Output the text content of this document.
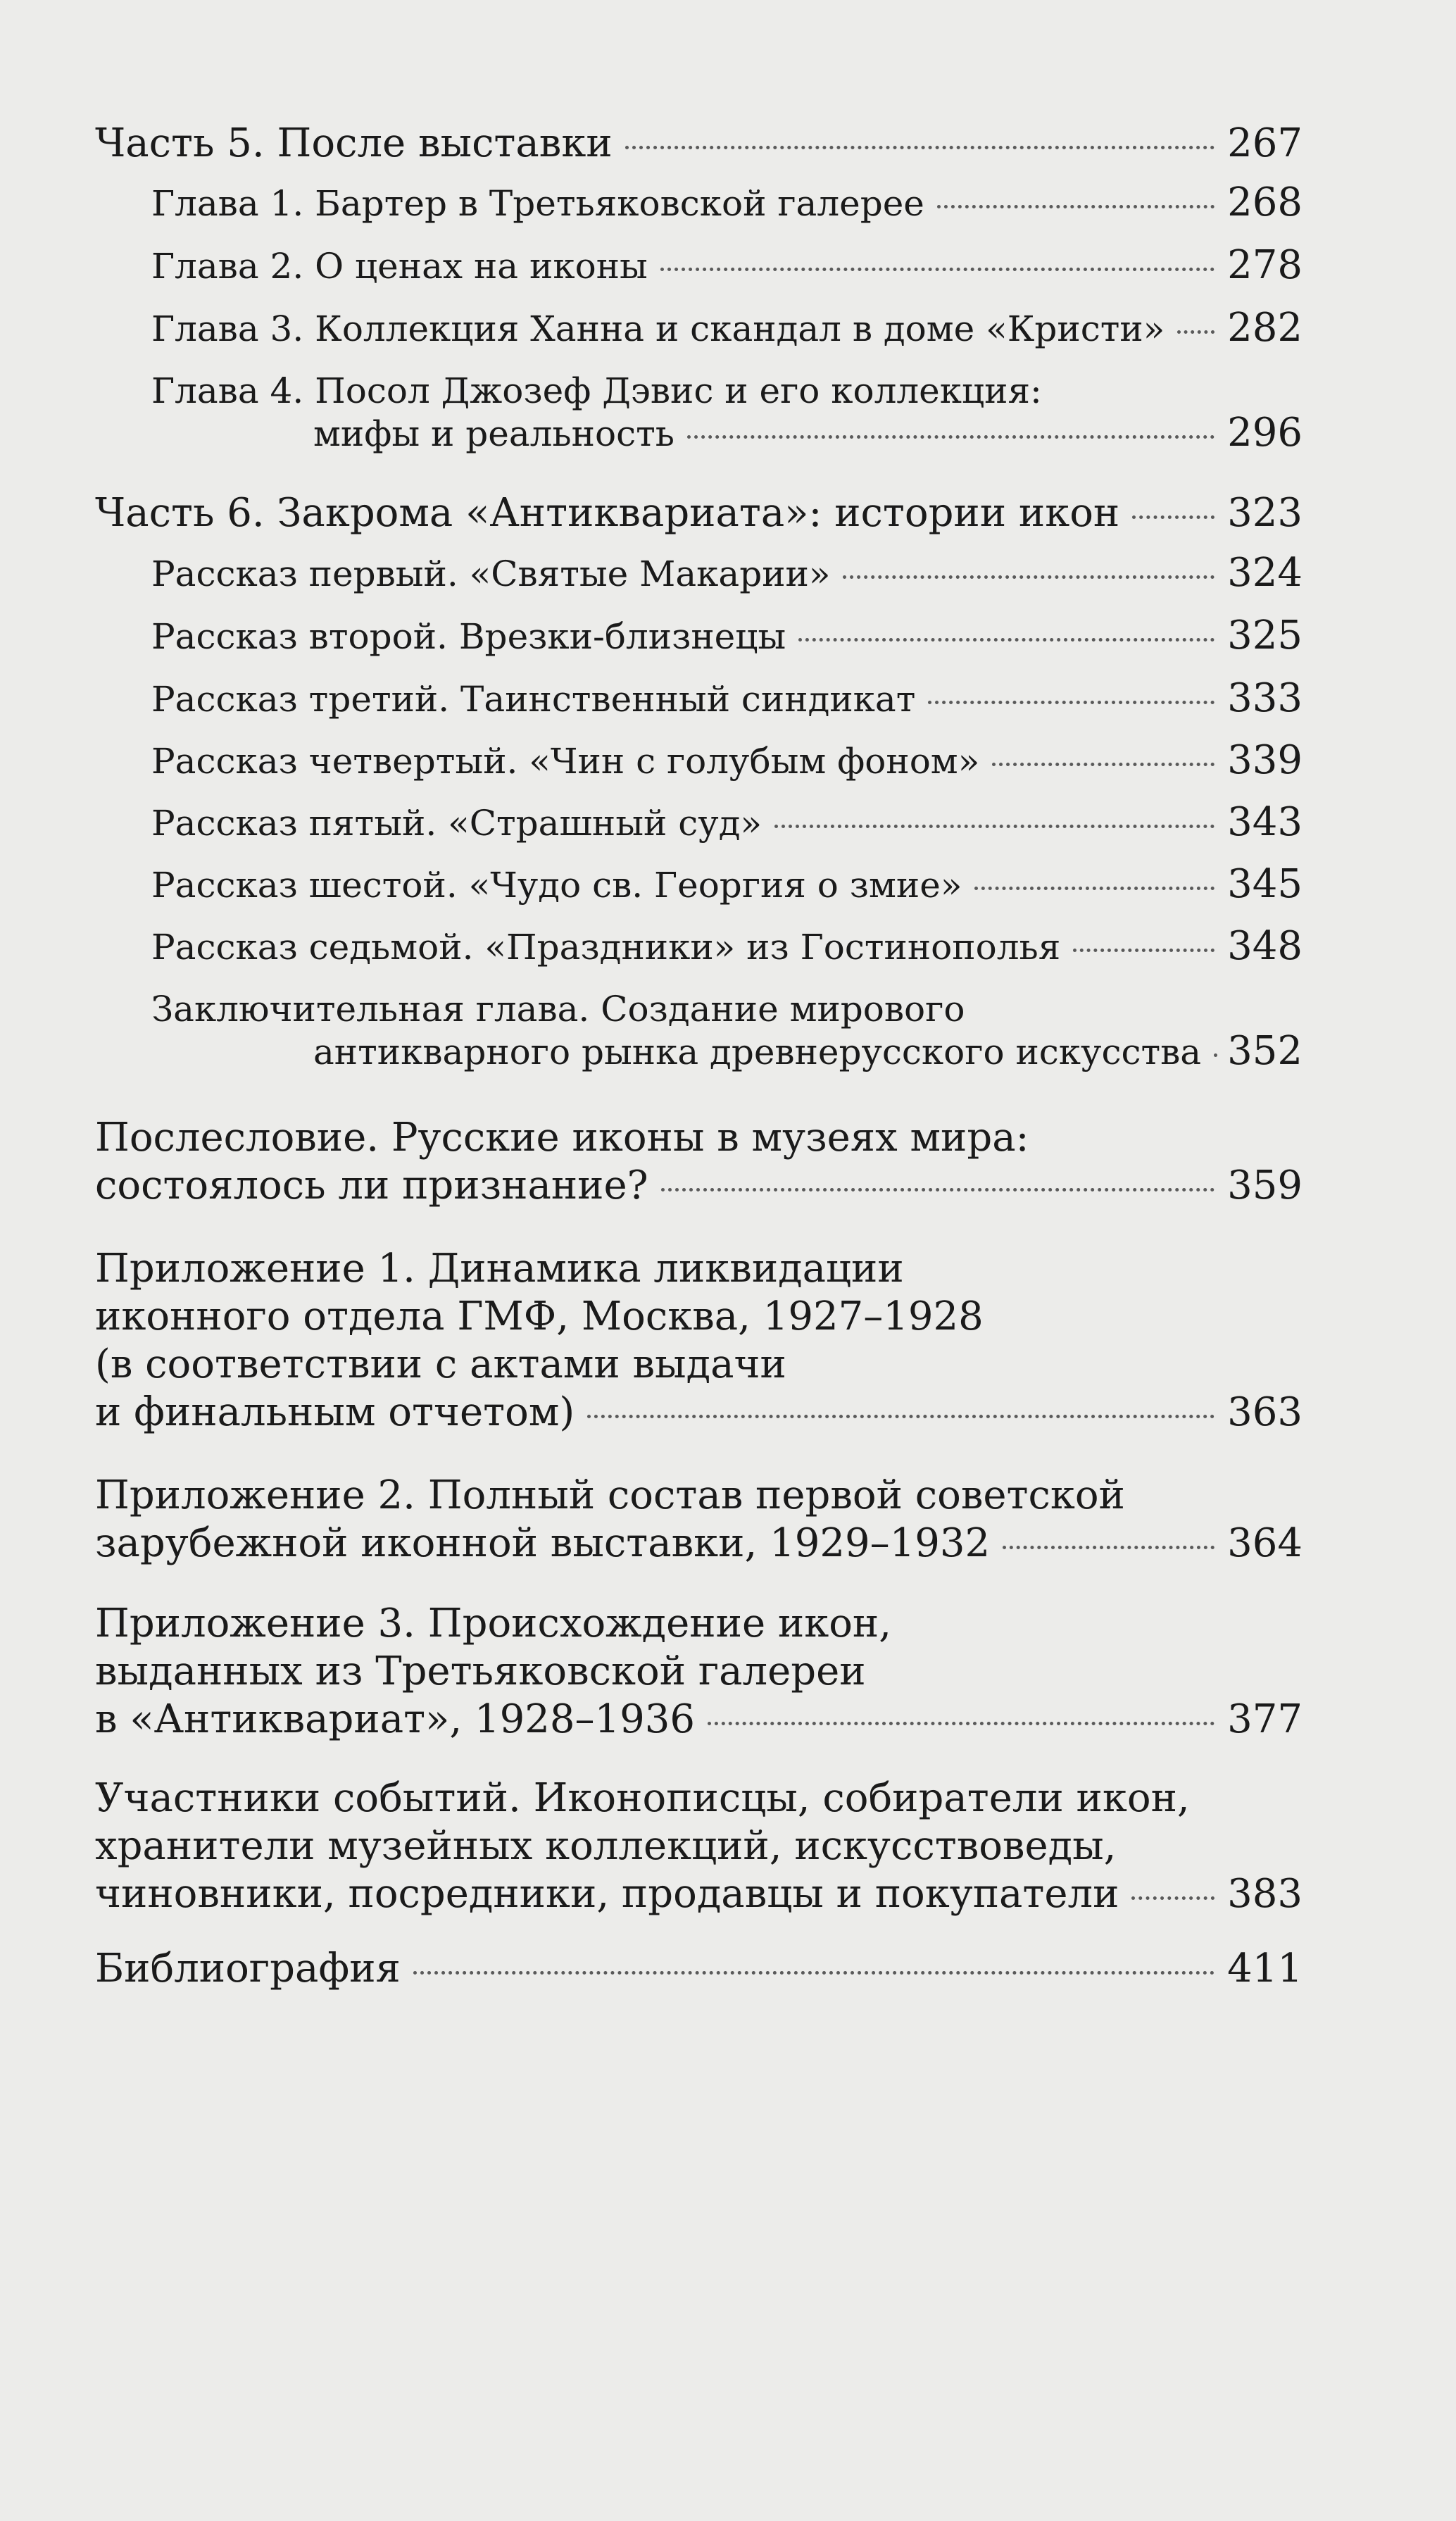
Часть 5. После выставки	267
Глава 1. Бартер в Третьяковской галерее	268
Глава 2. О ценах на иконы	278
Глава 3. Коллекция Ханна и скандал в доме «Кристи» 282
Глава 4. Посол Джозеф Дэвис и его коллекция:
мифы и реальность	296
Часть 6. Закрома «Антиквариата»: истории икон	323
Рассказ первый. «Святые Макарии»	324
Рассказ второй. Врезки-близнецы	325
Рассказ третий. Таинственный синдикат	333
Рассказ четвертый. «Чин с голубым фоном»	339
Рассказ пятый. «Страшный суд»	343
Рассказ шестой. «Чудо св. Георгия о змие»	345
Рассказ седьмой. «Праздники» из Гостинополья	348
Заключительная глава. Создание мирового
антикварного рынка древнерусского искусства 352
Послесловие. Русские иконы в музеях мира:
состоялось ли признание?	359
Приложение 1. Динамика ликвидации
иконного отдела ГМФ, Москва, 1927–1928
(в соответствии с актами выдачи
и финальным отчетом)	363
Приложение 2. Полный состав первой советской
зарубежной иконной выставки, 1929–1932	364
Приложение 3. Происхождение икон,
выданных из Третьяковской галереи
в «Антиквариат», 1928–1936	377
Участники событий. Иконописцы, собиратели икон,
хранители музейных коллекций, искусствоведы,
чиновники, посредники, продавцы и покупатели	383
Библиография	411
